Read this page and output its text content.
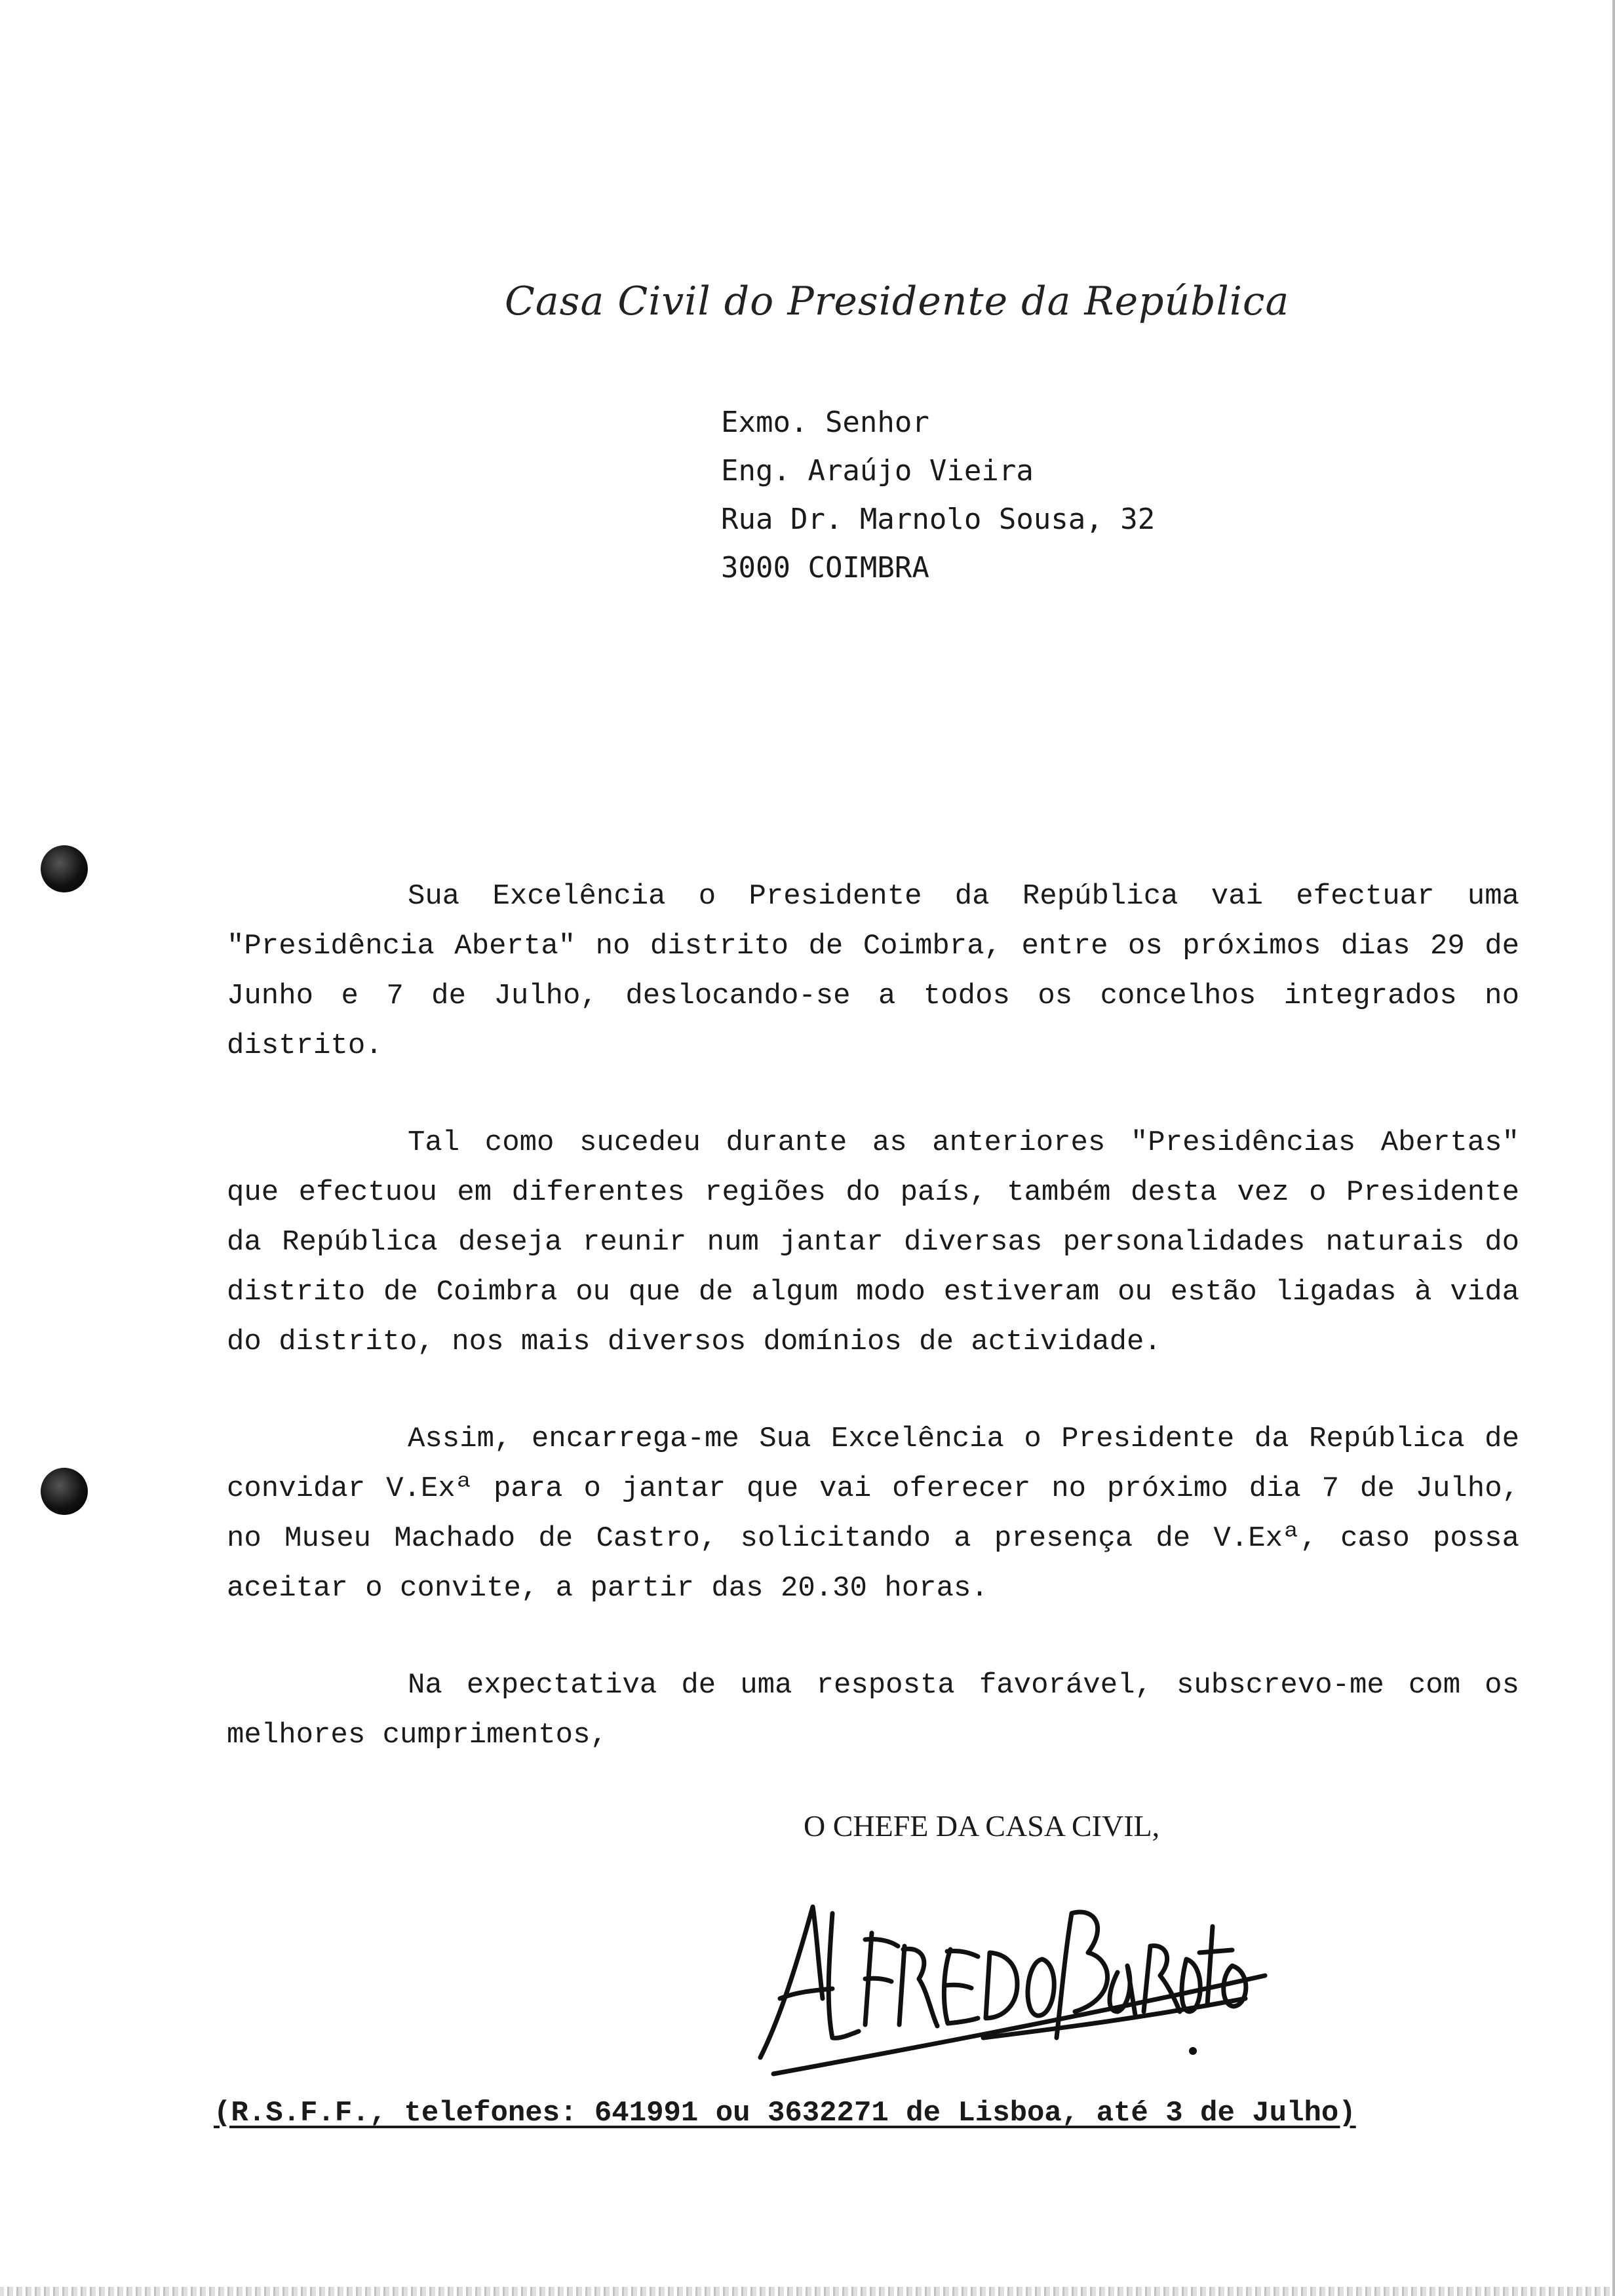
Casa Civil do Presidente da República
Exmo. Senhor
Eng. Araújo Vieira
Rua Dr. Marnolo Sousa, 32
3000 COIMBRA

Sua Excelência o Presidente da República vai efectuar uma "Presidência Aberta" no distrito de Coimbra, entre os próximos dias 29 de Junho e 7 de Julho, deslocando-se a todos os concelhos integrados no distrito.

Tal como sucedeu durante as anteriores "Presidências Abertas" que efectuou em diferentes regiões do país, também desta vez o Presidente da República deseja reunir num jantar diversas personalidades naturais do distrito de Coimbra ou que de algum modo estiveram ou estão ligadas à vida do distrito, nos mais diversos domínios de actividade.

Assim, encarrega-me Sua Excelência o Presidente da República de convidar V.Exª para o jantar que vai oferecer no próximo dia 7 de Julho, no Museu Machado de Castro, solicitando a presença de V.Exª, caso possa aceitar o convite, a partir das 20.30 horas.

Na expectativa de uma resposta favorável, subscrevo-me com os melhores cumprimentos,

O CHEFE DA CASA CIVIL,
(R.S.F.F., telefones: 641991 ou 3632271 de Lisboa, até 3 de Julho)
